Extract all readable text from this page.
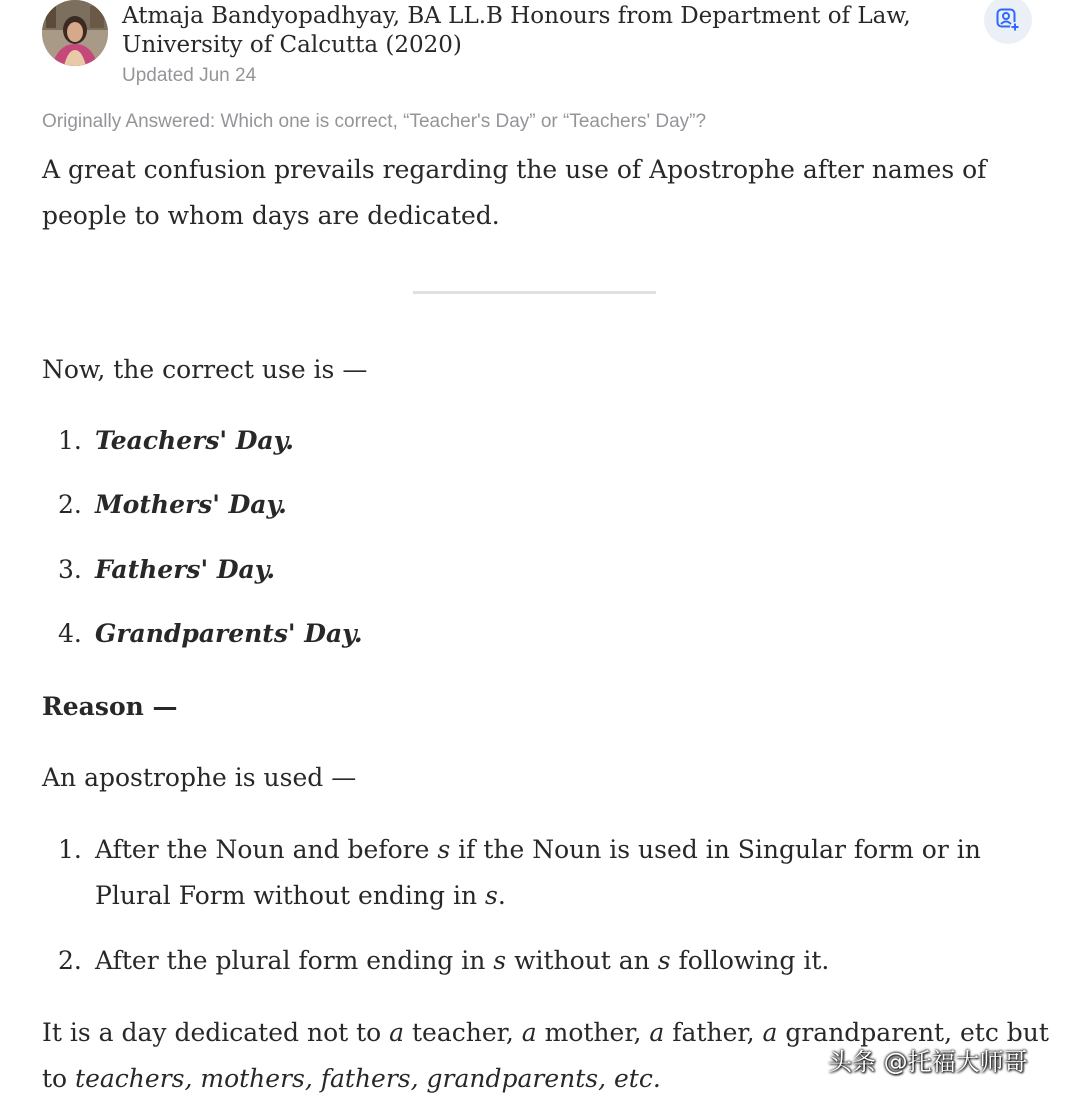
Atmaja Bandyopadhyay, BA LL.B Honours from Department of Law, University of Calcutta (2020)
Updated Jun 24
Originally Answered: Which one is correct, “Teacher's Day” or “Teachers' Day”?
A great confusion prevails regarding the use of Apostrophe after names of people to whom days are dedicated.
Now, the correct use is —
1. Teachers' Day.
2. Mothers' Day.
3. Fathers' Day.
4. Grandparents' Day.
Reason —
An apostrophe is used —
1. After the Noun and before s if the Noun is used in Singular form or in Plural Form without ending in s.
2. After the plural form ending in s without an s following it.
It is a day dedicated not to a teacher, a mother, a father, a grandparent, etc but to teachers, mothers, fathers, grandparents, etc.
头条 @托福大师哥
